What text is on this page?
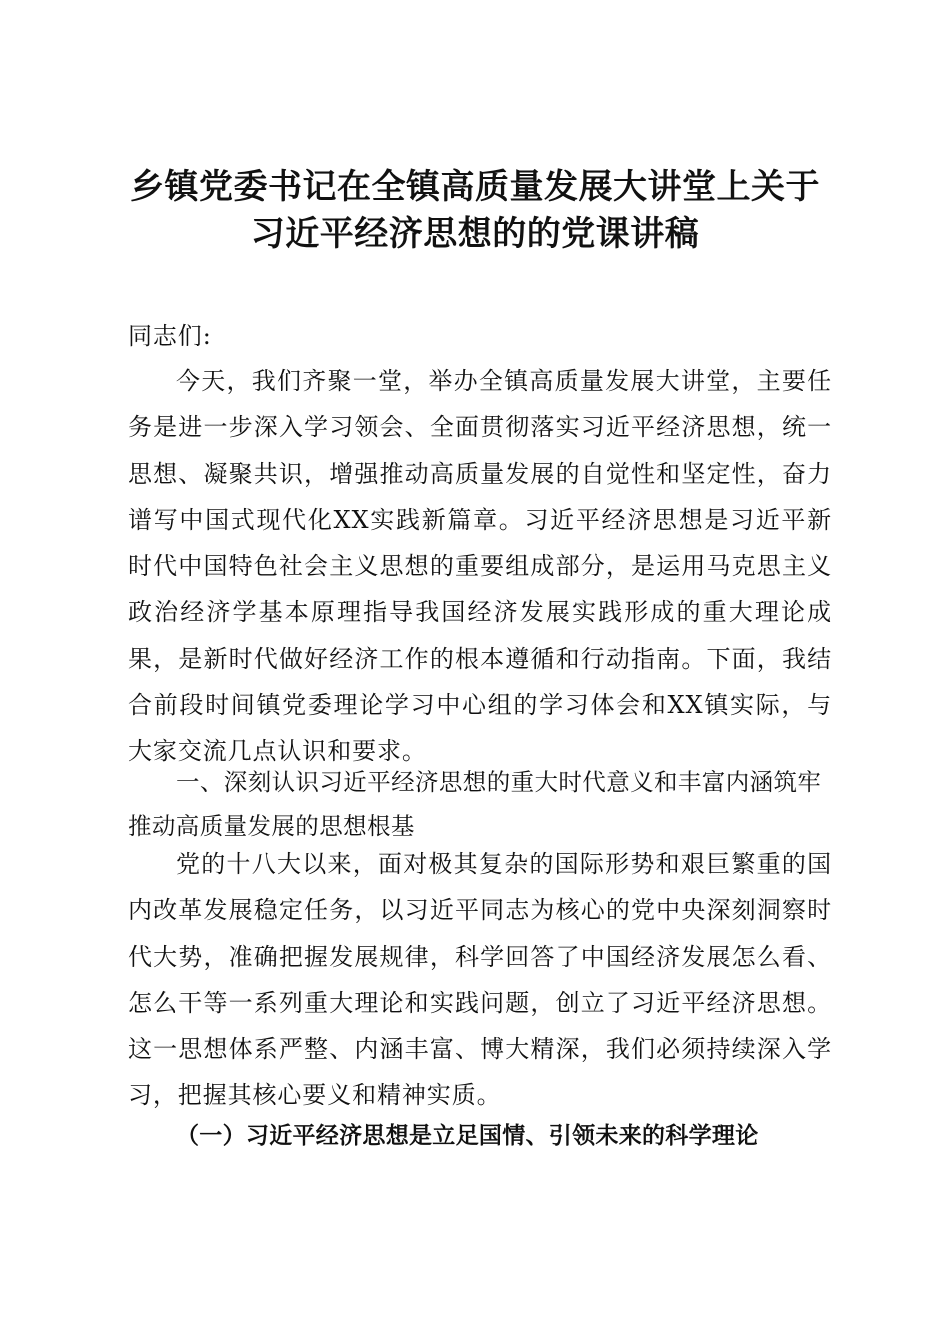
乡镇党委书记在全镇高质量发展大讲堂上关于
习近平经济思想的的党课讲稿

同志们:

今天，我们齐聚一堂，举办全镇高质量发展大讲堂，主要任务是进一步深入学习领会、全面贯彻落实习近平经济思想，统一思想、凝聚共识，增强推动高质量发展的自觉性和坚定性，奋力谱写中国式现代化XX实践新篇章。习近平经济思想是习近平新时代中国特色社会主义思想的重要组成部分，是运用马克思主义政治经济学基本原理指导我国经济发展实践形成的重大理论成果，是新时代做好经济工作的根本遵循和行动指南。下面，我结合前段时间镇党委理论学习中心组的学习体会和XX镇实际，与大家交流几点认识和要求。

一、深刻认识习近平经济思想的重大时代意义和丰富内涵筑牢推动高质量发展的思想根基

党的十八大以来，面对极其复杂的国际形势和艰巨繁重的国内改革发展稳定任务，以习近平同志为核心的党中央深刻洞察时代大势，准确把握发展规律，科学回答了中国经济发展怎么看、怎么干等一系列重大理论和实践问题，创立了习近平经济思想。这一思想体系严整、内涵丰富、博大精深，我们必须持续深入学习，把握其核心要义和精神实质。

（一）习近平经济思想是立足国情、引领未来的科学理论
